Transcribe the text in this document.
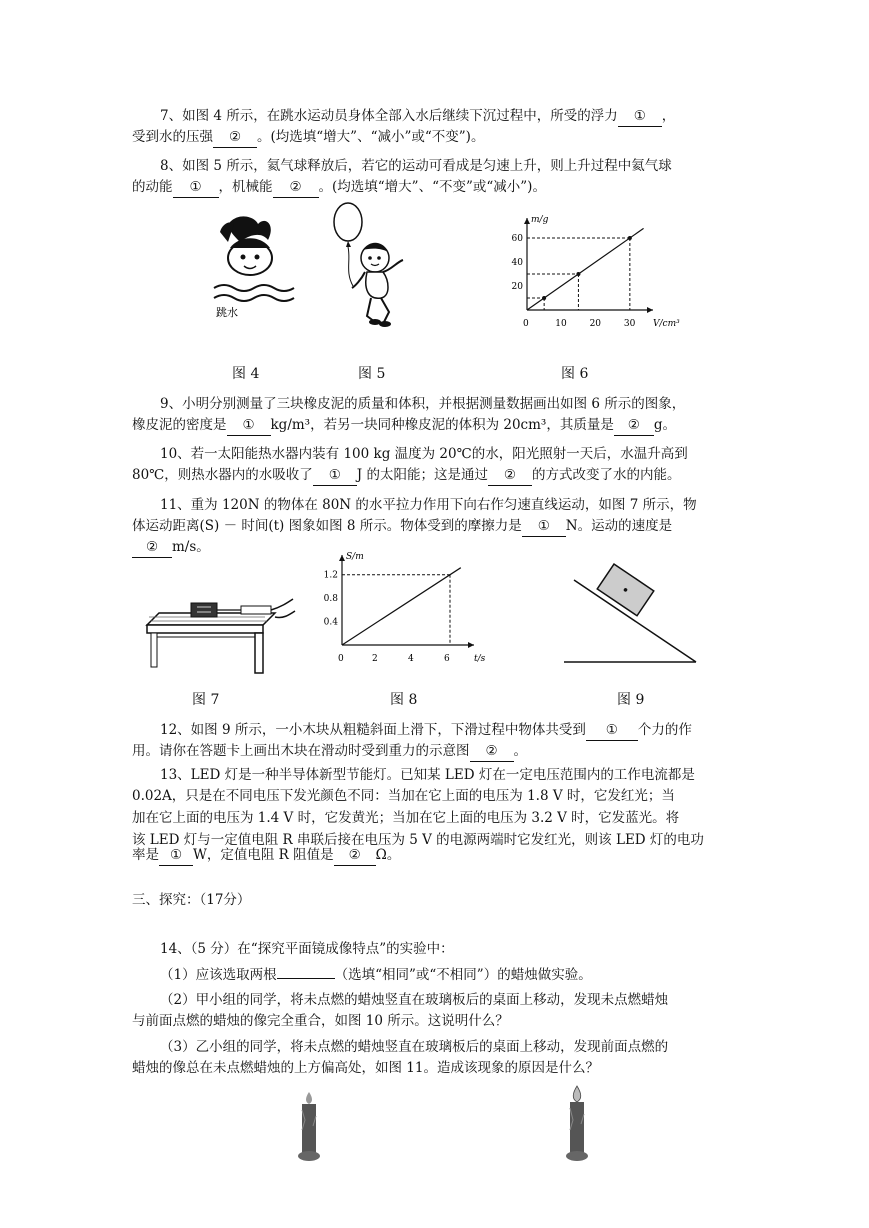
7、如图 4 所示，在跳水运动员身体全部入水后继续下沉过程中，所受的浮力 ① ，
受到水的压强 ② 。(均选填“增大”、“减小”或“不变”)。
8、如图 5 所示，氦气球释放后，若它的运动可看成是匀速上升，则上升过程中氦气球
的动能 ① ，机械能 ② 。(均选填“增大”、“不变”或“减小”)。
跳水
m/g
V/cm³
0	10	20	30
20
40
60
图 4	图 5	图 6
9、小明分别测量了三块橡皮泥的质量和体积，并根据测量数据画出如图 6 所示的图象，
橡皮泥的密度是 ① kg/m³，若另一块同种橡皮泥的体积为 20cm³，其质量是 ② g。
10、若一太阳能热水器内装有 100 kg 温度为 20℃的水，阳光照射一天后，水温升高到
80℃，则热水器内的水吸收了 ① J 的太阳能；这是通过 ② 的方式改变了水的内能。
11、重为 120N 的物体在 80N 的水平拉力作用下向右作匀速直线运动，如图 7 所示，物
体运动距离(S) － 时间(t) 图象如图 8 所示。物体受到的摩擦力是 ① N。运动的速度是
② m/s。
S/m
t/s
0	2	4	6
0.4
0.8
1.2
图 7	图 8	图 9
12、如图 9 所示，一小木块从粗糙斜面上滑下，下滑过程中物体共受到 ① 个力的作
用。请你在答题卡上画出木块在滑动时受到重力的示意图 ② 。
13、LED 灯是一种半导体新型节能灯。已知某 LED 灯在一定电压范围内的工作电流都是
0.02A，只是在不同电压下发光颜色不同：当加在它上面的电压为 1.8 V 时，它发红光；当
加在它上面的电压为 1.4 V 时，它发黄光；当加在它上面的电压为 3.2 V 时，它发蓝光。将
该 LED 灯与一定值电阻 R 串联后接在电压为 5 V 的电源两端时它发红光，则该 LED 灯的电功
率是 ① W，定值电阻 R 阻值是 ② Ω。
三、探究：（17分）
14、（5 分）在“探究平面镜成像特点”的实验中：
（1）应该选取两根	（选填“相同”或“不相同”）的蜡烛做实验。
（2）甲小组的同学，将未点燃的蜡烛竖直在玻璃板后的桌面上移动，发现未点燃蜡烛
与前面点燃的蜡烛的像完全重合，如图 10 所示。这说明什么？
（3）乙小组的同学，将未点燃的蜡烛竖直在玻璃板后的桌面上移动，发现前面点燃的
蜡烛的像总在未点燃蜡烛的上方偏高处，如图 11。造成该现象的原因是什么？
